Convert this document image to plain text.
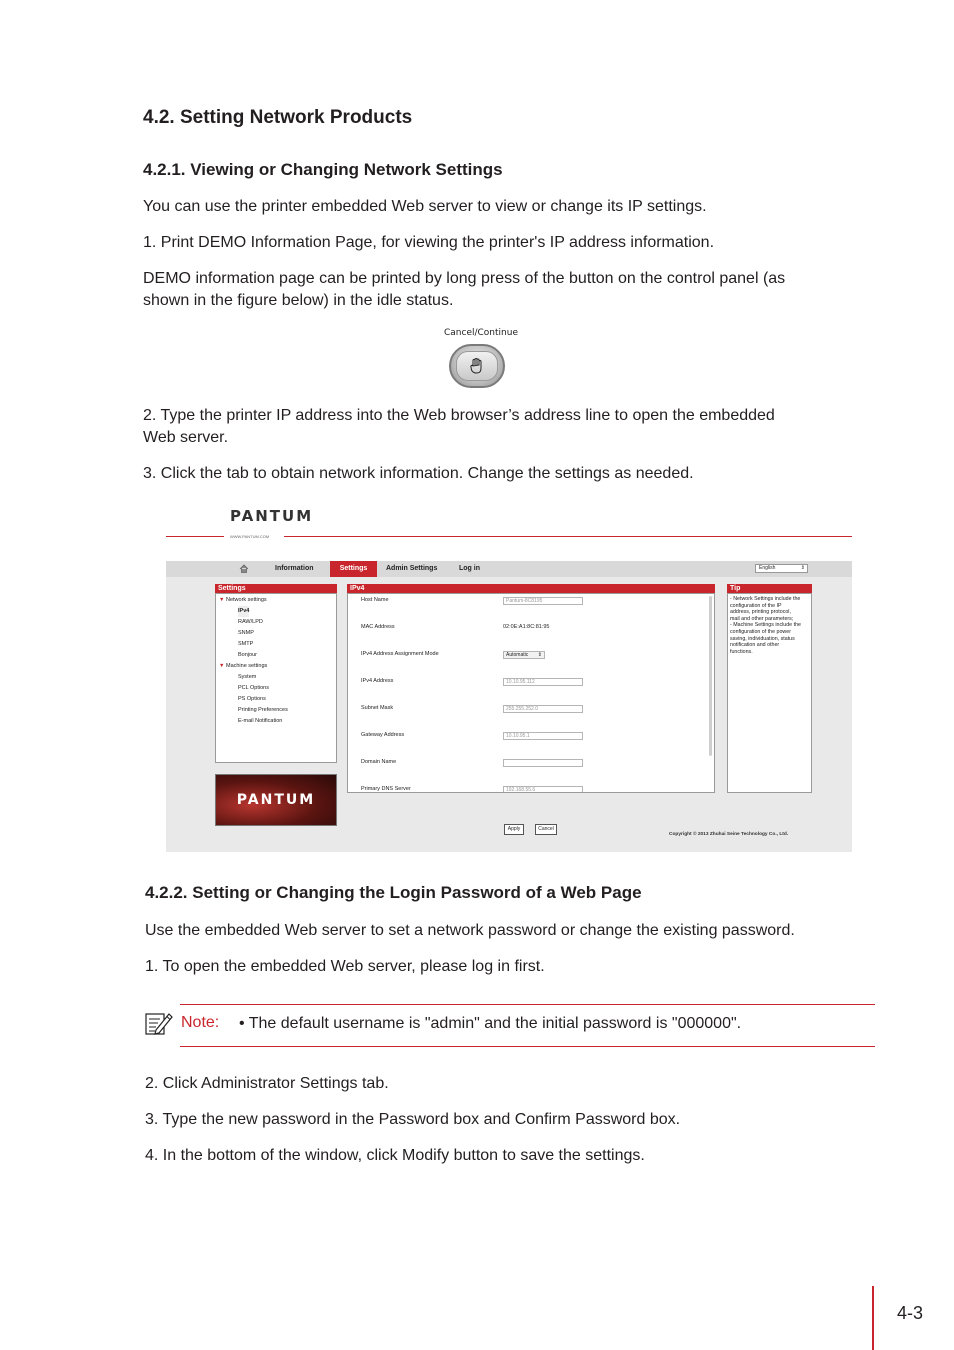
4.2. Setting Network Products
4.2.1. Viewing or Changing Network Settings
You can use the printer embedded Web server to view or change its IP settings.
1. Print DEMO Information Page, for viewing the printer's IP address information.
DEMO information page can be printed by long press of the button on the control panel (as
shown in the figure below) in the idle status.
Cancel/Continue
2. Type the printer IP address into the Web browser’s address line to open the embedded
Web server.
3. Click the tab to obtain network information. Change the settings as needed.
PANTUM
WWW.PANTUM.COM
Information	Settings	Admin Settings	Log in	English	⇕
Settings
▼ Network settings
IPv4
RAW/LPD
SNMP
SMTP
Bonjour
▼ Machine settings
System
PCL Options
PS Options
Printing Preferences
E-mail Notification
PANTUM
IPv4
Host Name	Pantum-8C8195
MAC Address	02:0E:A1:8C:81:95
IPv4 Address Assignment Mode	Automatic ⇕
IPv4 Address	10.10.95.112
Subnet Mask	255.255.252.0
Gateway Address	10.10.95.1
Domain Name
Primary DNS Server	192.168.55.6
Tip
- Network Settings include the
configuration of the IP
address, printing protocol,
mail and other parameters;
- Machine Settings include the
configuration of the power
saving, individuation, status
notification and other
functions.
Apply	Cancel
Copyright © 2013 Zhuhai Seine Technology Co., Ltd.
4.2.2. Setting or Changing the Login Password of a Web Page
Use the embedded Web server to set a network password or change the existing password.
1. To open the embedded Web server, please log in first.
Note: • The default username is "admin" and the initial password is "000000".
2. Click Administrator Settings tab.
3. Type the new password in the Password box and Confirm Password box.
4. In the bottom of the window, click Modify button to save the settings.
4-3
